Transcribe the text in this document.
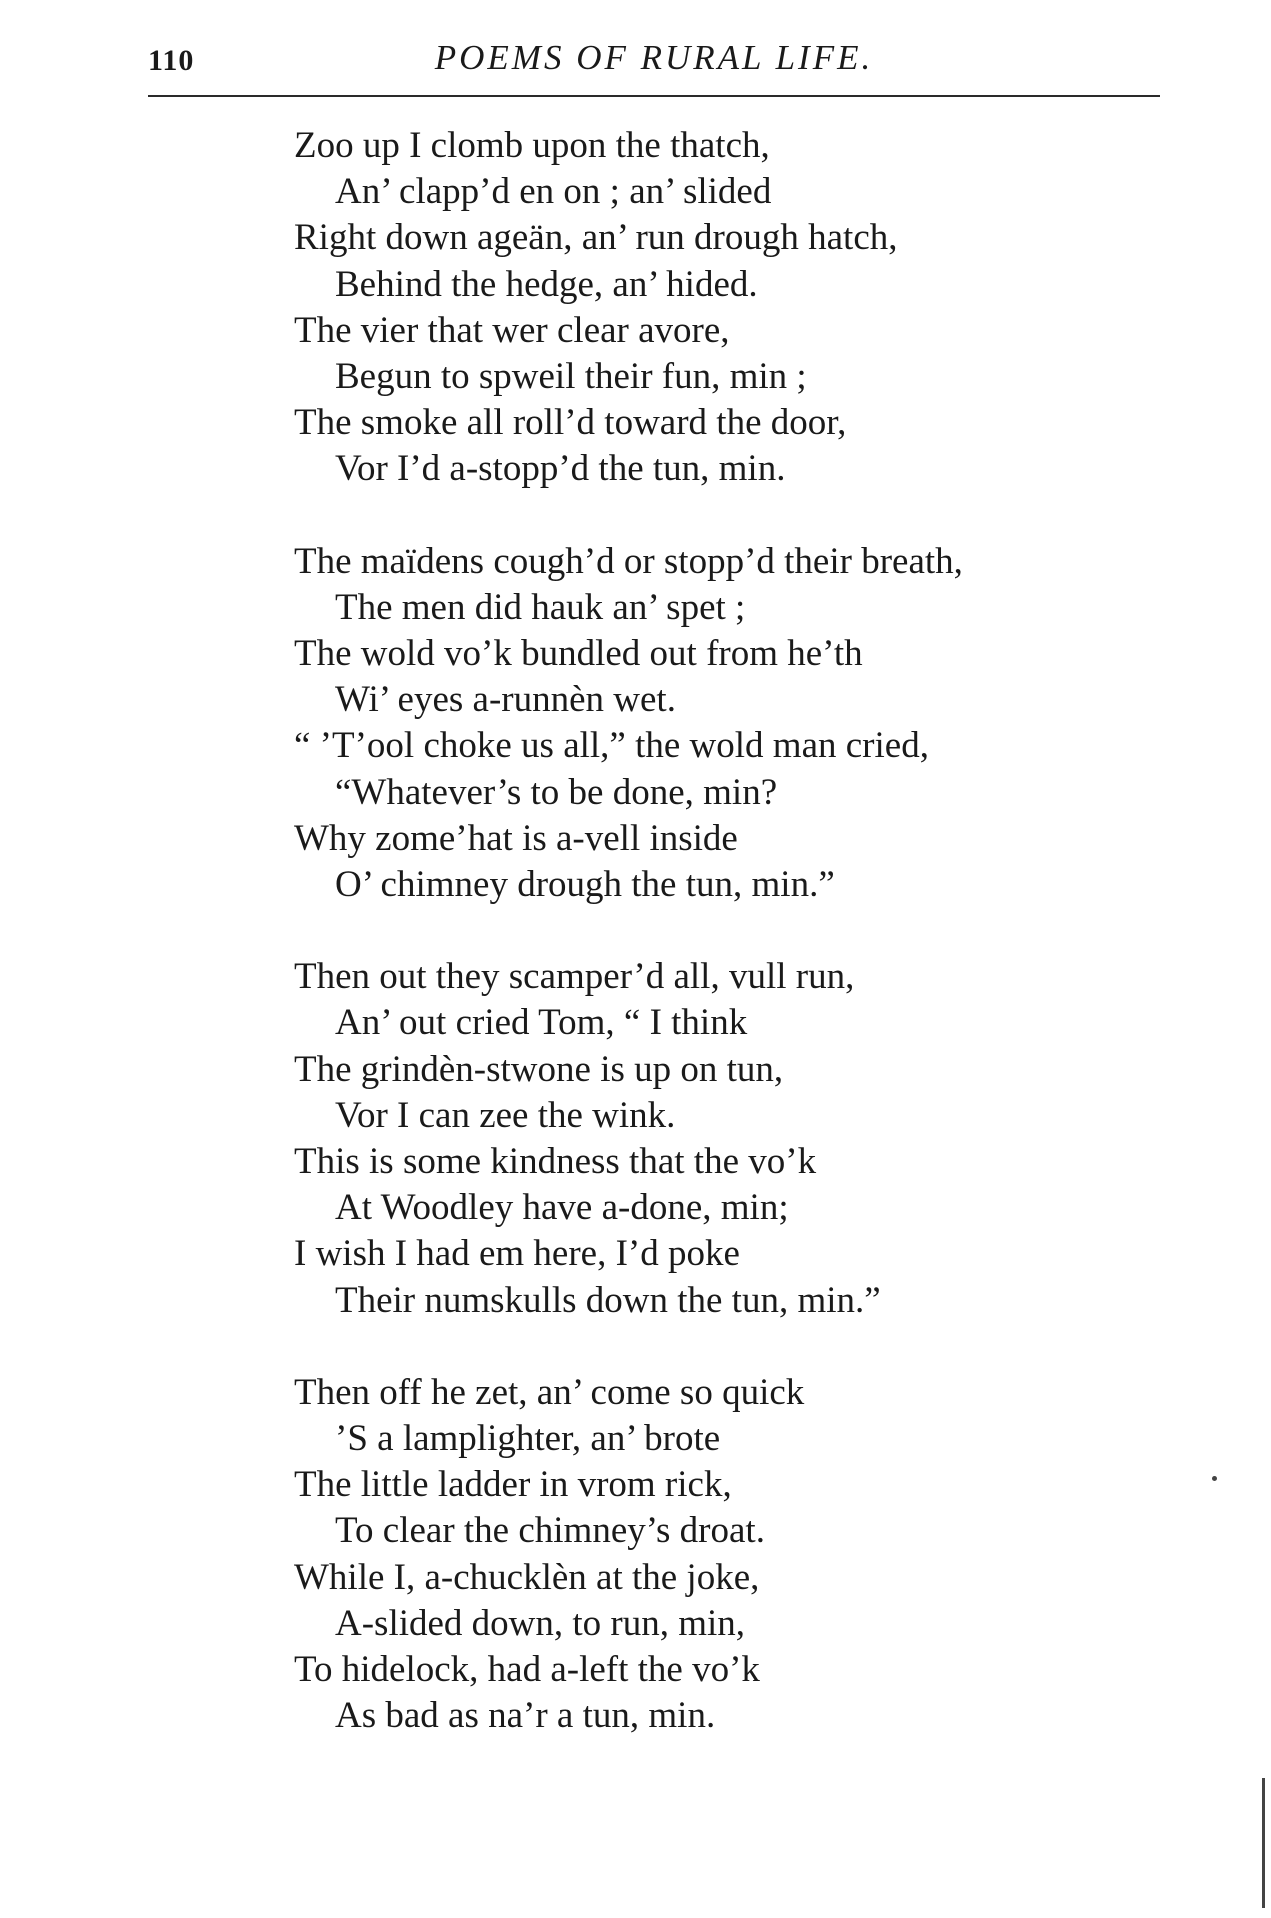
110	POEMS OF RURAL LIFE.
Zoo up I clomb upon the thatch,
An’ clapp’d en on ; an’ slided
Right down ageän, an’ run drough hatch,
Behind the hedge, an’ hided.
The vier that wer clear avore,
Begun to spweil their fun, min ;
The smoke all roll’d toward the door,
Vor I’d a-stopp’d the tun, min.
The maïdens cough’d or stopp’d their breath,
The men did hauk an’ spet ;
The wold vo’k bundled out from he’th
Wi’ eyes a-runnèn wet.
“ ’T’ool choke us all,” the wold man cried,
“Whatever’s to be done, min?
Why zome’hat is a-vell inside
O’ chimney drough the tun, min.”
Then out they scamper’d all, vull run,
An’ out cried Tom, “ I think
The grindèn-stwone is up on tun,
Vor I can zee the wink.
This is some kindness that the vo’k
At Woodley have a-done, min;
I wish I had em here, I’d poke
Their numskulls down the tun, min.”
Then off he zet, an’ come so quick
’S a lamplighter, an’ brote
The little ladder in vrom rick,
To clear the chimney’s droat.
While I, a-chucklèn at the joke,
A-slided down, to run, min,
To hidelock, had a-left the vo’k
As bad as na’r a tun, min.
